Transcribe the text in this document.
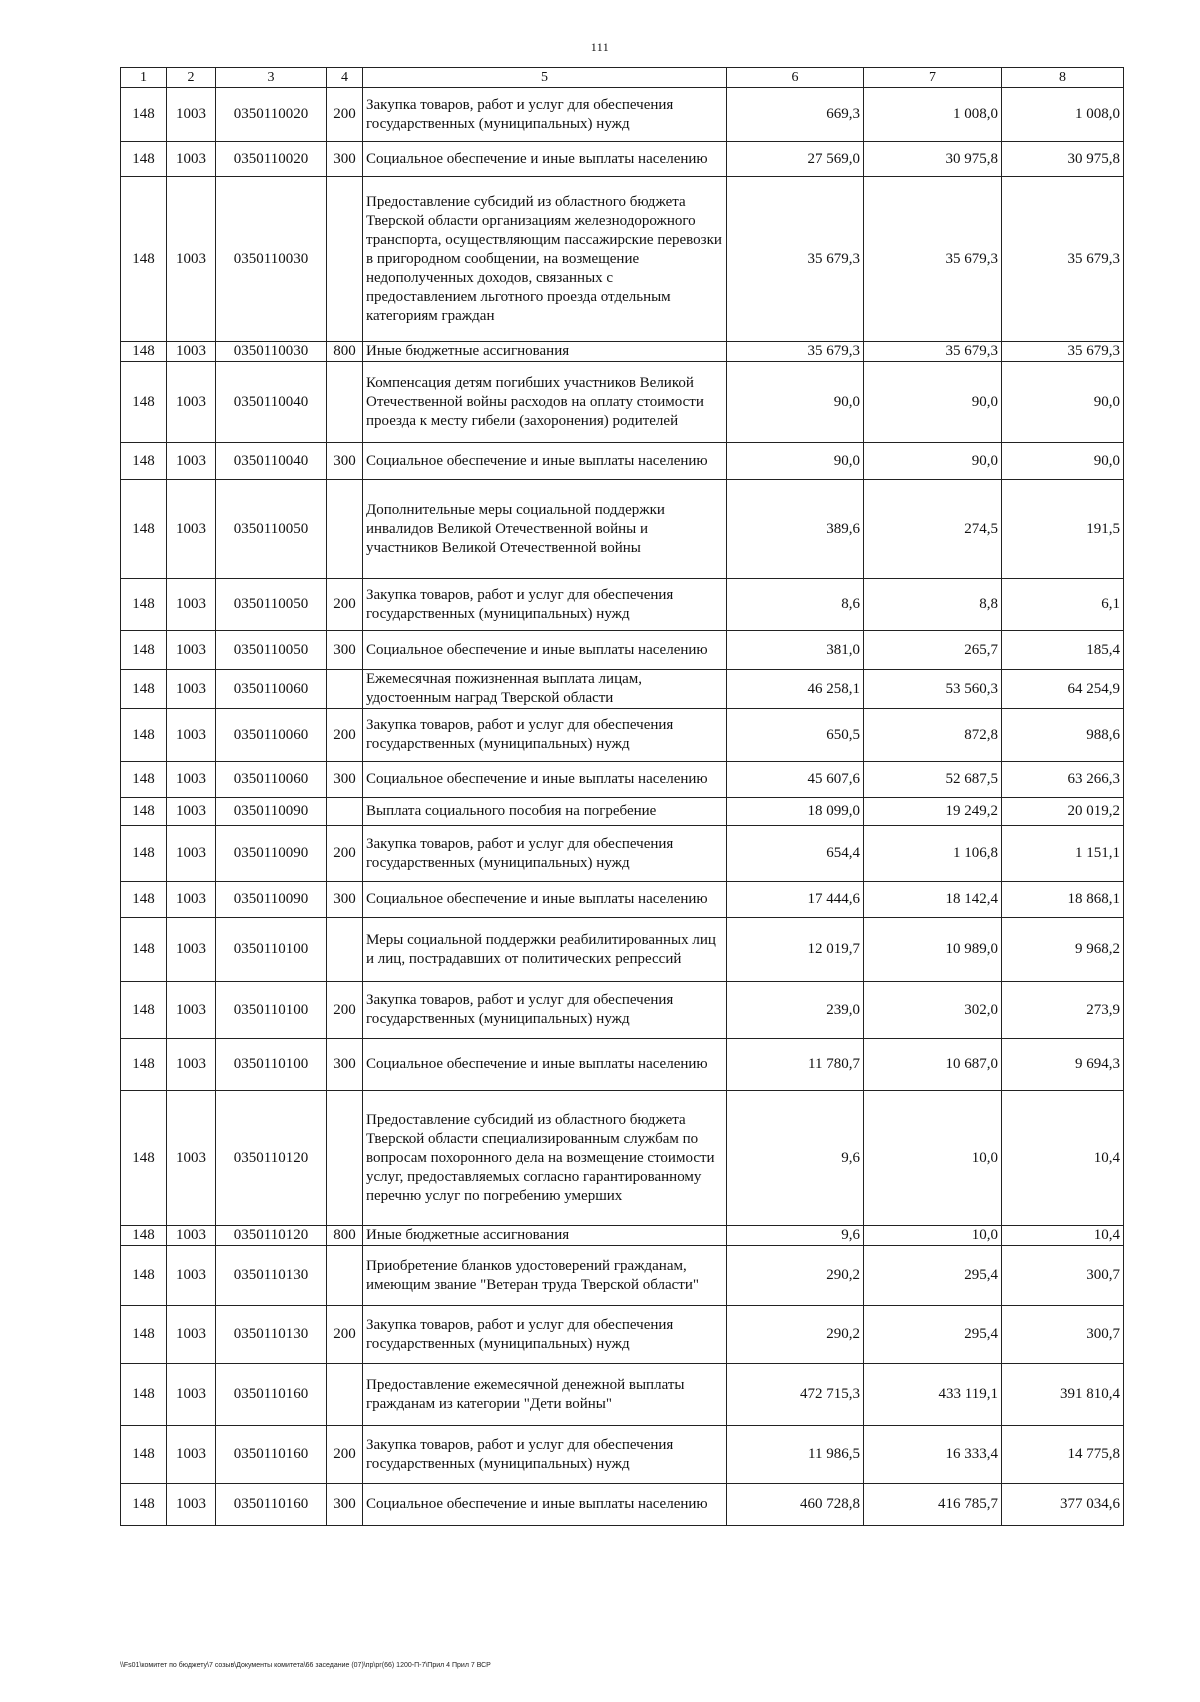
111
1	2	3	4	5	6	7	8
148	1003	0350110020	200	Закупка товаров, работ и услуг для обеспечения государственных (муниципальных) нужд	669,3	1 008,0	1 008,0
148	1003	0350110020	300	Социальное обеспечение и иные выплаты населению	27 569,0	30 975,8	30 975,8
148	1003	0350110030		Предоставление субсидий из областного бюджета Тверской области организациям железнодорожного транспорта, осуществляющим пассажирские перевозки в пригородном сообщении, на возмещение недополученных доходов, связанных с предоставлением льготного проезда отдельным категориям граждан	35 679,3	35 679,3	35 679,3
148	1003	0350110030	800	Иные бюджетные ассигнования	35 679,3	35 679,3	35 679,3
148	1003	0350110040		Компенсация детям погибших участников Великой Отечественной войны расходов на оплату стоимости проезда к месту гибели (захоронения) родителей	90,0	90,0	90,0
148	1003	0350110040	300	Социальное обеспечение и иные выплаты населению	90,0	90,0	90,0
148	1003	0350110050		Дополнительные меры социальной поддержки инвалидов Великой Отечественной войны и участников Великой Отечественной войны	389,6	274,5	191,5
148	1003	0350110050	200	Закупка товаров, работ и услуг для обеспечения государственных (муниципальных) нужд	8,6	8,8	6,1
148	1003	0350110050	300	Социальное обеспечение и иные выплаты населению	381,0	265,7	185,4
148	1003	0350110060		Ежемесячная пожизненная выплата лицам, удостоенным наград Тверской области	46 258,1	53 560,3	64 254,9
148	1003	0350110060	200	Закупка товаров, работ и услуг для обеспечения государственных (муниципальных) нужд	650,5	872,8	988,6
148	1003	0350110060	300	Социальное обеспечение и иные выплаты населению	45 607,6	52 687,5	63 266,3
148	1003	0350110090		Выплата социального пособия на погребение	18 099,0	19 249,2	20 019,2
148	1003	0350110090	200	Закупка товаров, работ и услуг для обеспечения государственных (муниципальных) нужд	654,4	1 106,8	1 151,1
148	1003	0350110090	300	Социальное обеспечение и иные выплаты населению	17 444,6	18 142,4	18 868,1
148	1003	0350110100		Меры социальной поддержки реабилитированных лиц и лиц, пострадавших от политических репрессий	12 019,7	10 989,0	9 968,2
148	1003	0350110100	200	Закупка товаров, работ и услуг для обеспечения государственных (муниципальных) нужд	239,0	302,0	273,9
148	1003	0350110100	300	Социальное обеспечение и иные выплаты населению	11 780,7	10 687,0	9 694,3
148	1003	0350110120		Предоставление субсидий из областного бюджета Тверской области специализированным службам по вопросам похоронного дела на возмещение стоимости услуг, предоставляемых согласно гарантированному перечню услуг по погребению умерших	9,6	10,0	10,4
148	1003	0350110120	800	Иные бюджетные ассигнования	9,6	10,0	10,4
148	1003	0350110130		Приобретение бланков удостоверений гражданам, имеющим звание "Ветеран труда Тверской области"	290,2	295,4	300,7
148	1003	0350110130	200	Закупка товаров, работ и услуг для обеспечения государственных (муниципальных) нужд	290,2	295,4	300,7
148	1003	0350110160		Предоставление ежемесячной денежной выплаты гражданам из категории "Дети войны"	472 715,3	433 119,1	391 810,4
148	1003	0350110160	200	Закупка товаров, работ и услуг для обеспечения государственных (муниципальных) нужд	11 986,5	16 333,4	14 775,8
148	1003	0350110160	300	Социальное обеспечение и иные выплаты населению	460 728,8	416 785,7	377 034,6
\\Fs01\комитет по бюджету\7 созыв\Документы комитета\66 заседание (07)\пр\рг(66) 1200-П-7\Прил 4 Прил 7 ВСР
